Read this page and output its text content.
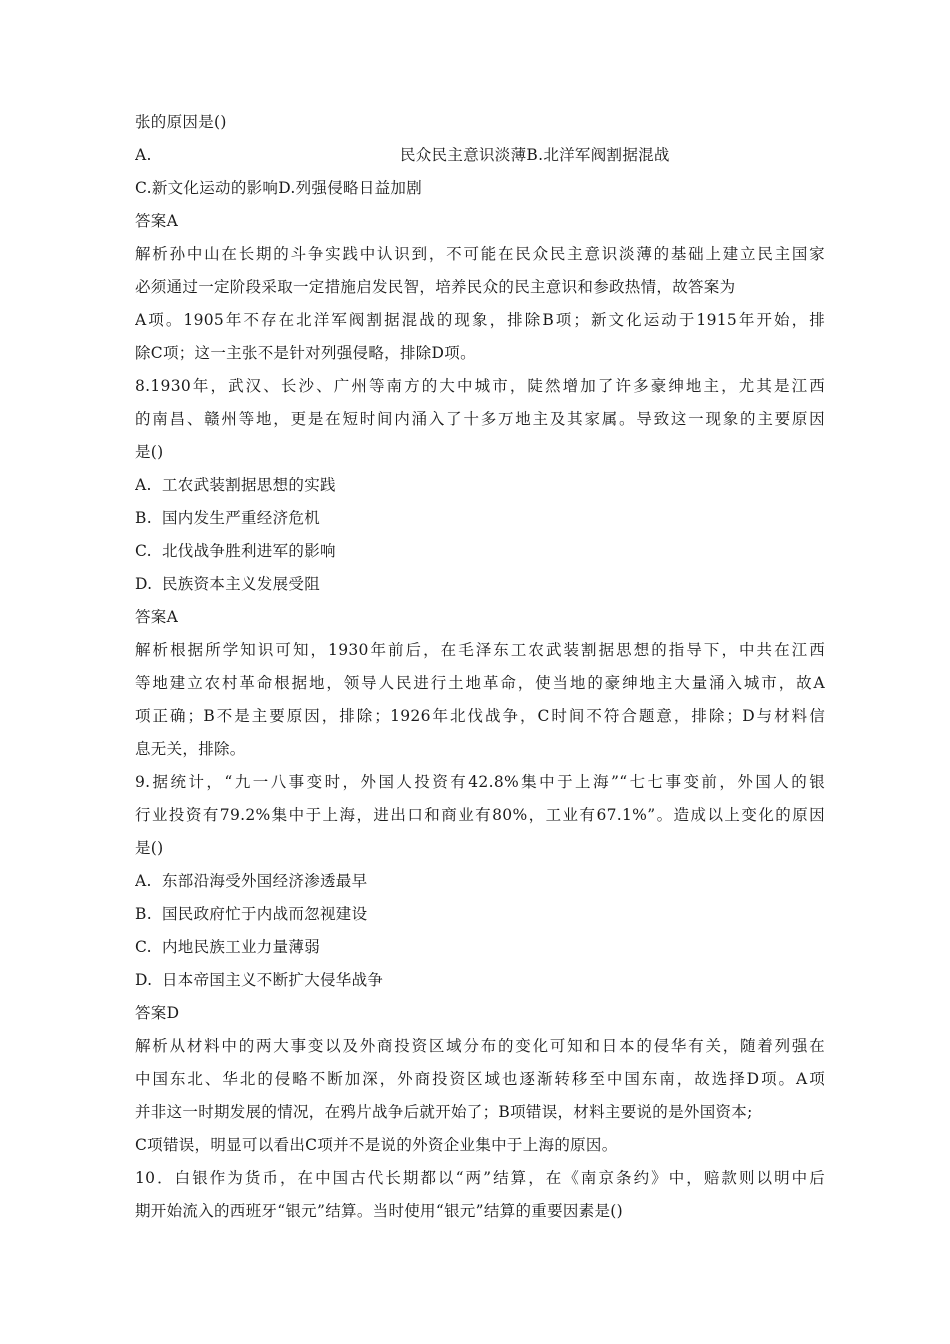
张的原因是()
A.	民众民主意识淡薄B.北洋军阀割据混战
C.新文化运动的影响D.列强侵略日益加剧
答案A
解析孙中山在长期的斗争实践中认识到，不可能在民众民主意识淡薄的基础上建立民主国家
必须通过一定阶段采取一定措施启发民智，培养民众的民主意识和参政热情，故答案为
A项。1905年不存在北洋军阀割据混战的现象，排除B项；新文化运动于1915年开始，排
除C项；这一主张不是针对列强侵略，排除D项。
8.1930年，武汉、长沙、广州等南方的大中城市，陡然增加了许多豪绅地主，尤其是江西
的南昌、赣州等地，更是在短时间内涌入了十多万地主及其家属。导致这一现象的主要原因
是()
A. 工农武装割据思想的实践
B. 国内发生严重经济危机
C. 北伐战争胜利进军的影响
D. 民族资本主义发展受阻
答案A
解析根据所学知识可知，1930年前后，在毛泽东工农武装割据思想的指导下，中共在江西
等地建立农村革命根据地，领导人民进行土地革命，使当地的豪绅地主大量涌入城市，故A
项正确；B不是主要原因，排除；1926年北伐战争，C时间不符合题意，排除；D与材料信
息无关，排除。
9.据统计，“九一八事变时，外国人投资有42.8%集中于上海”“七七事变前，外国人的银
行业投资有79.2%集中于上海，进出口和商业有80%，工业有67.1%”。造成以上变化的原因
是()
A. 东部沿海受外国经济渗透最早
B. 国民政府忙于内战而忽视建设
C. 内地民族工业力量薄弱
D. 日本帝国主义不断扩大侵华战争
答案D
解析从材料中的两大事变以及外商投资区域分布的变化可知和日本的侵华有关，随着列强在
中国东北、华北的侵略不断加深，外商投资区域也逐渐转移至中国东南，故选择D项。A项
并非这一时期发展的情况，在鸦片战争后就开始了；B项错误，材料主要说的是外国资本;
C项错误，明显可以看出C项并不是说的外资企业集中于上海的原因。
10．白银作为货币，在中国古代长期都以“两”结算，在《南京条约》中，赔款则以明中后
期开始流入的西班牙“银元”结算。当时使用“银元”结算的重要因素是()
